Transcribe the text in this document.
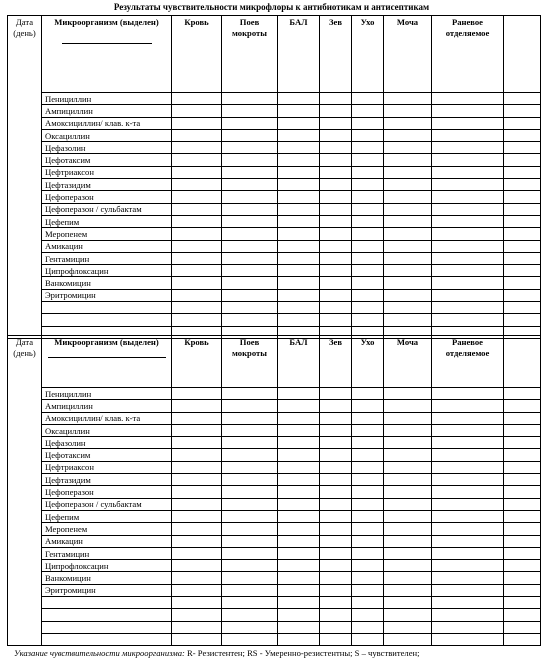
Результаты чувствительности микрофлоры к антибиотикам и антисептикам
Дата (день)	Микроорганизм (выделен)	Кровь	Поев мокроты	БАЛ	Зев	Ухо	Моча	Раневое отделяемое	
	Пенициллин								
	Ампициллин								
	Амоксициллин/ клав. к-та								
	Оксациллин								
	Цефазолин								
	Цефотаксим								
	Цефтриаксон								
	Цефтазидим								
	Цефоперазон								
	Цефоперазон / сульбактам								
	Цефепим								
	Меропенем								
	Амикацин								
	Гентамицин								
	Ципрофлоксацин								
	Ванкомицин								
	Эритромицин								

Дата (день)	Микроорганизм (выделен)	Кровь	Поев мокроты	БАЛ	Зев	Ухо	Моча	Раневое отделяемое	
	Пенициллин								
	Ампициллин								
	Амоксициллин/ клав. к-та								
	Оксациллин								
	Цефазолин								
	Цефотаксим								
	Цефтриаксон								
	Цефтазидим								
	Цефоперазон								
	Цефоперазон / сульбактам								
	Цефепим								
	Меропенем								
	Амикацин								
	Гентамицин								
	Ципрофлоксацин								
	Ванкомицин								
	Эритромицин								

Указание чувствительности микроорганизма: R- Резистентен; RS - Умеренно-резистентны; S – чувствителен;
